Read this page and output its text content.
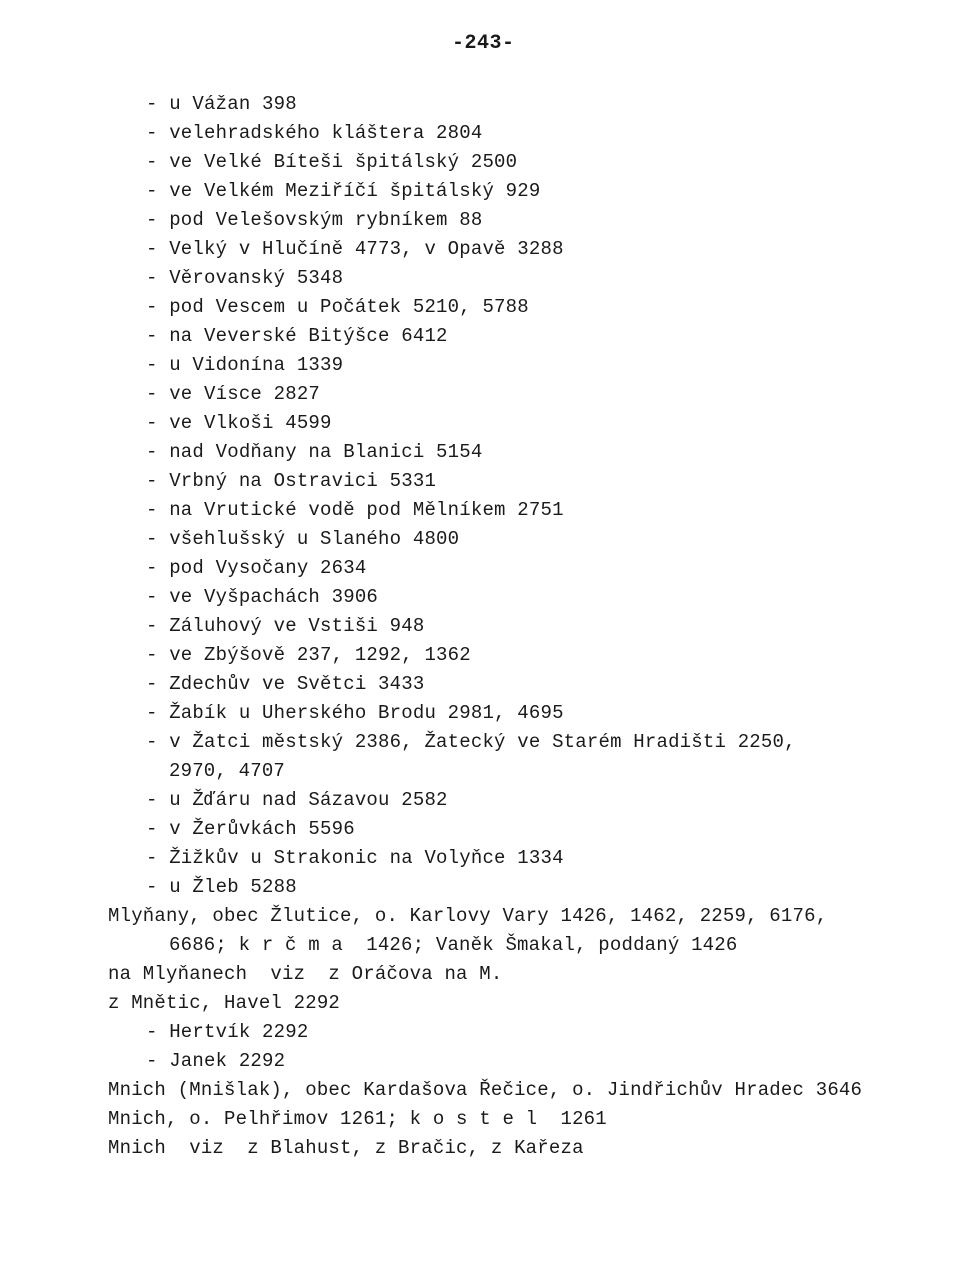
-243-
- u Vážan 398
- velehradského kláštera 2804
- ve Velké Bíteši špitálský 2500
- ve Velkém Meziříčí špitálský 929
- pod Velešovským rybníkem 88
- Velký v Hlučíně 4773, v Opavě 3288
- Věrovanský 5348
- pod Vescem u Počátek 5210, 5788
- na Veverské Bitýšce 6412
- u Vidonína 1339
- ve Vísce 2827
- ve Vlkoši 4599
- nad Vodňany na Blanici 5154
- Vrbný na Ostravici 5331
- na Vrutické vodě pod Mělníkem 2751
- všehlušský u Slaného 4800
- pod Vysočany 2634
- ve Vyšpachách 3906
- Záluhový ve Vstiši 948
- ve Zbýšově 237, 1292, 1362
- Zdechův ve Světci 3433
- Žabík u Uherského Brodu 2981, 4695
- v Žatci městský 2386, Žatecký ve Starém Hradišti 2250,
2970, 4707
- u Žďáru nad Sázavou 2582
- v Žerůvkách 5596
- Žižkův u Strakonic na Volyňce 1334
- u Žleb 5288
Mlyňany, obec Žlutice, o. Karlovy Vary 1426, 1462, 2259, 6176,
6686; k r č m a  1426; Vaněk Šmakal, poddaný 1426
na Mlyňanech  viz  z Oráčova na M.
z Mnětic, Havel 2292
- Hertvík 2292
- Janek 2292
Mnich (Mnišlak), obec Kardašova Řečice, o. Jindřichův Hradec 3646
Mnich, o. Pelhřimov 1261; k o s t e l  1261
Mnich  viz  z Blahust, z Bračic, z Kařeza
